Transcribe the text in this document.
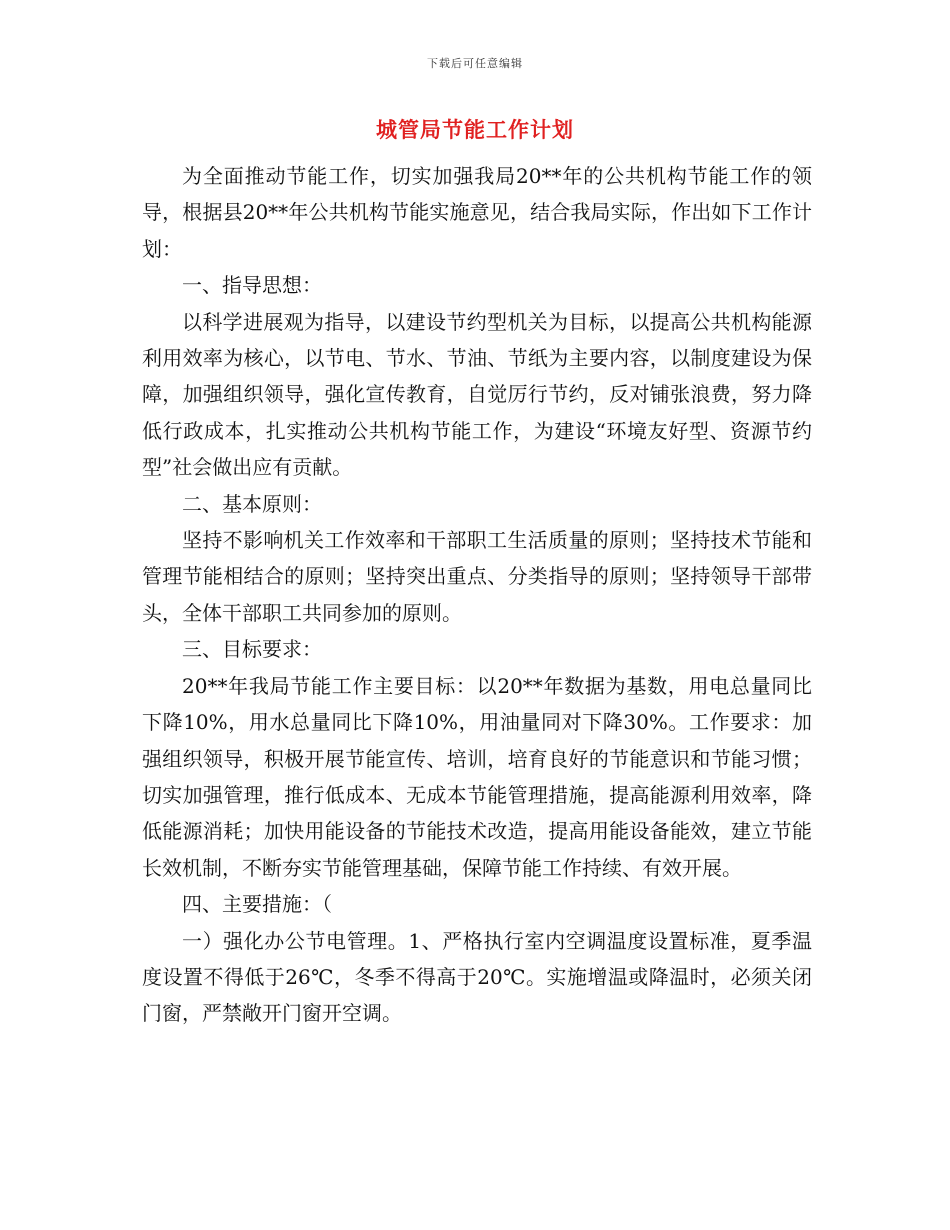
下载后可任意编辑
城管局节能工作计划

为全面推动节能工作，切实加强我局20**年的公共机构节能工作的领导，根据县20**年公共机构节能实施意见，结合我局实际，作出如下工作计划：

一、指导思想：

以科学进展观为指导，以建设节约型机关为目标，以提高公共机构能源利用效率为核心，以节电、节水、节油、节纸为主要内容，以制度建设为保障，加强组织领导，强化宣传教育，自觉厉行节约，反对铺张浪费，努力降低行政成本，扎实推动公共机构节能工作，为建设“环境友好型、资源节约型”社会做出应有贡献。

二、基本原则：

坚持不影响机关工作效率和干部职工生活质量的原则；坚持技术节能和管理节能相结合的原则；坚持突出重点、分类指导的原则；坚持领导干部带头，全体干部职工共同参加的原则。

三、目标要求：

20**年我局节能工作主要目标：以20**年数据为基数，用电总量同比下降10%，用水总量同比下降10%，用油量同对下降30%。工作要求：加强组织领导，积极开展节能宣传、培训，培育良好的节能意识和节能习惯；切实加强管理，推行低成本、无成本节能管理措施，提高能源利用效率，降低能源消耗；加快用能设备的节能技术改造，提高用能设备能效，建立节能长效机制，不断夯实节能管理基础，保障节能工作持续、有效开展。

四、主要措施：（

一）强化办公节电管理。1、严格执行室内空调温度设置标准，夏季温度设置不得低于26℃，冬季不得高于20℃。实施增温或降温时，必须关闭门窗，严禁敞开门窗开空调。
